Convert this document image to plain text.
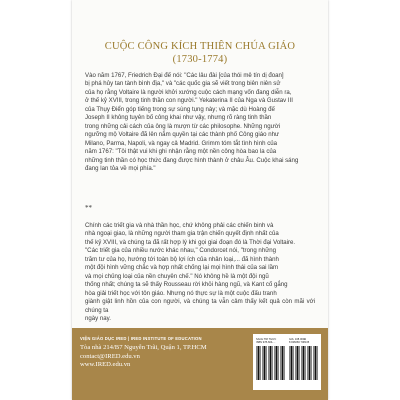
CUỘC CÔNG KÍCH THIÊN CHÚA GIÁO
(1730-1774)
Vào năm 1767, Friedrich Đại đế nói: "Các lâu đài [của thói mê tín dị đoan]
bị phá hủy tan tành bình địa," và "các quốc gia sẽ viết trong biên niên sử
của họ rằng Voltaire là người khởi xướng cuộc cách mạng vốn đang diễn ra,
ở thế kỷ XVIII, trong tinh thần con người." Yekaterina II của Nga và Gustav III
của Thụy Điển góp tiếng trong sự sùng tụng này; và mặc dù Hoàng đế
Joseph II không tuyên bố công khai như vậy, nhưng rõ ràng tinh thần
trong những cải cách của ông là mượn từ các philosophe. Những người
ngưỡng mộ Voltaire đã lên nắm quyền tại các thành phố Công giáo như
Milano, Parma, Napoli, và ngay cả Madrid. Grimm tóm tắt tình hình của
năm 1767: "Tôi thật vui khi ghi nhận rằng một nền công hòa bao la của
những tinh thần có học thức đang được hình thành ở châu Âu. Cuộc khai sáng
đang lan tỏa về mọi phía."
**
Chính các triết gia và nhà thần học, chứ không phải các chiến binh và
nhà ngoại giao, là những người tham gia trận chiến quyết định nhất của
thế kỷ XVIII, và chúng ta đã rất hợp lý khi gọi giai đoạn đó là Thời đại Voltaire.
"Các triết gia của nhiều nước khác nhau," Condorcet nói, "trong những
trăm tư của họ, hướng tới toàn bộ lợi ích của nhân loại,... đã hình thành
một đội hình vững chắc và hợp nhất chống lại mọi hình thái của sai lầm
và mọi chủng loại của nền chuyên chế." Nó không hề là một đội ngũ
thống nhất; chúng ta sẽ thấy Rousseau rời khỏi hàng ngũ, và Kant cố gắng
hòa giải triết học với tôn giáo. Nhưng nó thực sự là một cuộc đấu tranh
giành giật linh hồn của con người, và chúng ta vẫn cảm thấy kết quả còn mãi với chúng ta
ngày nay.
VIỆN GIÁO DỤC IRED | IRED INSTITUTE OF EDUCATION
Tòa nhà 214/B7 Nguyễn Trãi, Quận 1, TP.HCM
contact@IRED.edu.vn
www.IRED.edu.vn
SÁCH TRÍ THỨC
ISBN 978-604-...
GIÁ: 108.000Đ
8 936066 708135
